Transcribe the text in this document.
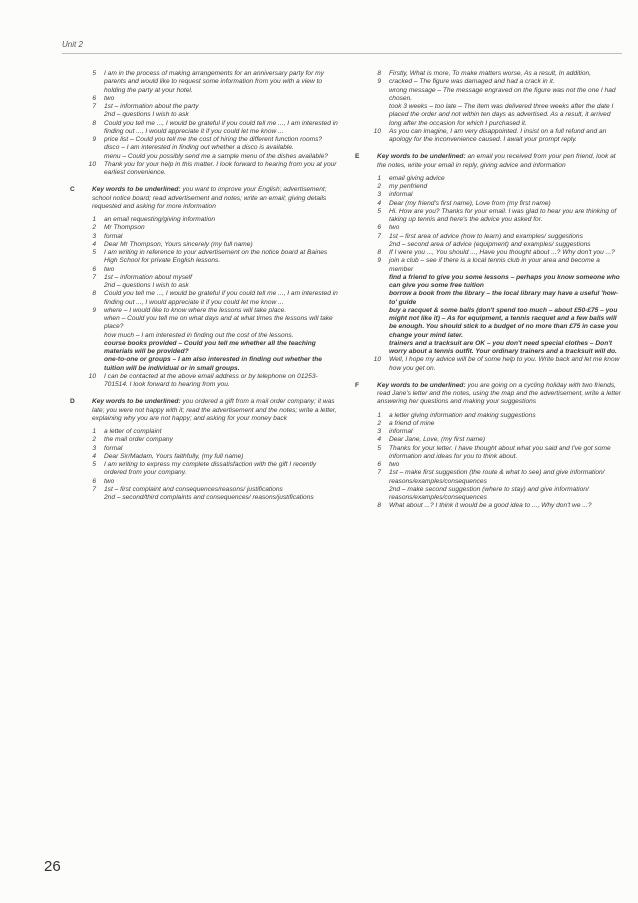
Unit 2
5	I am in the process of making arrangements for an anniversary party for my parents and would like to request some information from you with a view to holding the party at your hotel.
6	two
7	1st – information about the party
2nd – questions I wish to ask
8	Could you tell me ..., I would be grateful if you could tell me ..., I am interested in finding out ..., I would appreciate it if you could let me know ...
9	price list – Could you tell me the cost of hiring the different function rooms?
disco – I am interested in finding out whether a disco is available.
menu – Could you possibly send me a sample menu of the dishes available?
10	Thank you for your help in this matter. I look forward to hearing from you at your earliest convenience.
C	Key words to be underlined: you want to improve your English; advertisement; school notice board; read advertisement and notes; write an email; giving details requested and asking for more information
1	an email requesting/giving information
2	Mr Thompson
3	formal
4	Dear Mr Thompson, Yours sincerely (my full name)
5	I am writing in reference to your advertisement on the notice board at Baines High School for private English lessons.
6	two
7	1st – information about myself
2nd – questions I wish to ask
8	Could you tell me ..., I would be grateful if you could tell me ..., I am interested in finding out ..., I would appreciate it if you could let me know ...
9	where – I would like to know where the lessons will take place.
when – Could you tell me on what days and at what times the lessons will take place?
how much – I am interested in finding out the cost of the lessons.
course books provided – Could you tell me whether all the teaching materials will be provided?
one-to-one or groups – I am also interested in finding out whether the tuition will be individual or in small groups.
10	I can be contacted at the above email address or by telephone on 01253-701514. I look forward to hearing from you.
D	Key words to be underlined: you ordered a gift from a mail order company; it was late; you were not happy with it; read the advertisement and the notes; write a letter, explaining why you are not happy; and asking for your money back
1	a letter of complaint
2	the mail order company
3	formal
4	Dear Sir/Madam, Yours faithfully, (my full name)
5	I am writing to express my complete dissatisfaction with the gift I recently ordered from your company.
6	two
7	1st – first complaint and consequences/reasons/ justifications
2nd – second/third complaints and consequences/ reasons/justifications
8	Firstly, What is more, To make matters worse, As a result, In addition,
9	cracked – The figure was damaged and had a crack in it.
wrong message – The message engraved on the figure was not the one I had chosen.
took 3 weeks – too late – The item was delivered three weeks after the date I placed the order and not within ten days as advertised. As a result, it arrived long after the occasion for which I purchased it.
10	As you can imagine, I am very disappointed. I insist on a full refund and an apology for the inconvenience caused. I await your prompt reply.
E	Key words to be underlined: an email you received from your pen friend, look at the notes, write your email in reply, giving advice and information
1	email giving advice
2	my penfriend
3	informal
4	Dear (my friend's first name), Love from (my first name)
5	Hi. How are you? Thanks for your email. I was glad to hear you are thinking of taking up tennis and here's the advice you asked for.
6	two
7	1st – first area of advice (how to learn) and examples/ suggestions
2nd – second area of advice (equipment) and examples/ suggestions
8	If I were you ..., You should ..., Have you thought about ...? Why don't you ...?
9	join a club – see if there is a local tennis club in your area and become a member
find a friend to give you some lessons – perhaps you know someone who can give you some free tuition
borrow a book from the library – the local library may have a useful 'how-to' guide
buy a racquet & some balls (don't spend too much – about £50-£75 – you might not like it) – As for equipment, a tennis racquet and a few balls will be enough. You should stick to a budget of no more than £75 in case you change your mind later.
trainers and a tracksuit are OK – you don't need special clothes – Don't worry about a tennis outfit. Your ordinary trainers and a tracksuit will do.
10	Well, I hope my advice will be of some help to you. Write back and let me know how you get on.
F	Key words to be underlined: you are going on a cycling holiday with two friends, read Jane's letter and the notes, using the map and the advertisement, write a letter answering her questions and making your suggestions
1	a letter giving information and making suggestions
2	a friend of mine
3	informal
4	Dear Jane, Love, (my first name)
5	Thanks for your letter. I have thought about what you said and I've got some information and ideas for you to think about.
6	two
7	1st – make first suggestion (the route & what to see) and give information/ reasons/examples/consequences
2nd – make second suggestion (where to stay) and give information/ reasons/examples/consequences
8	What about ...? I think it would be a good idea to ..., Why don't we ...?
26
